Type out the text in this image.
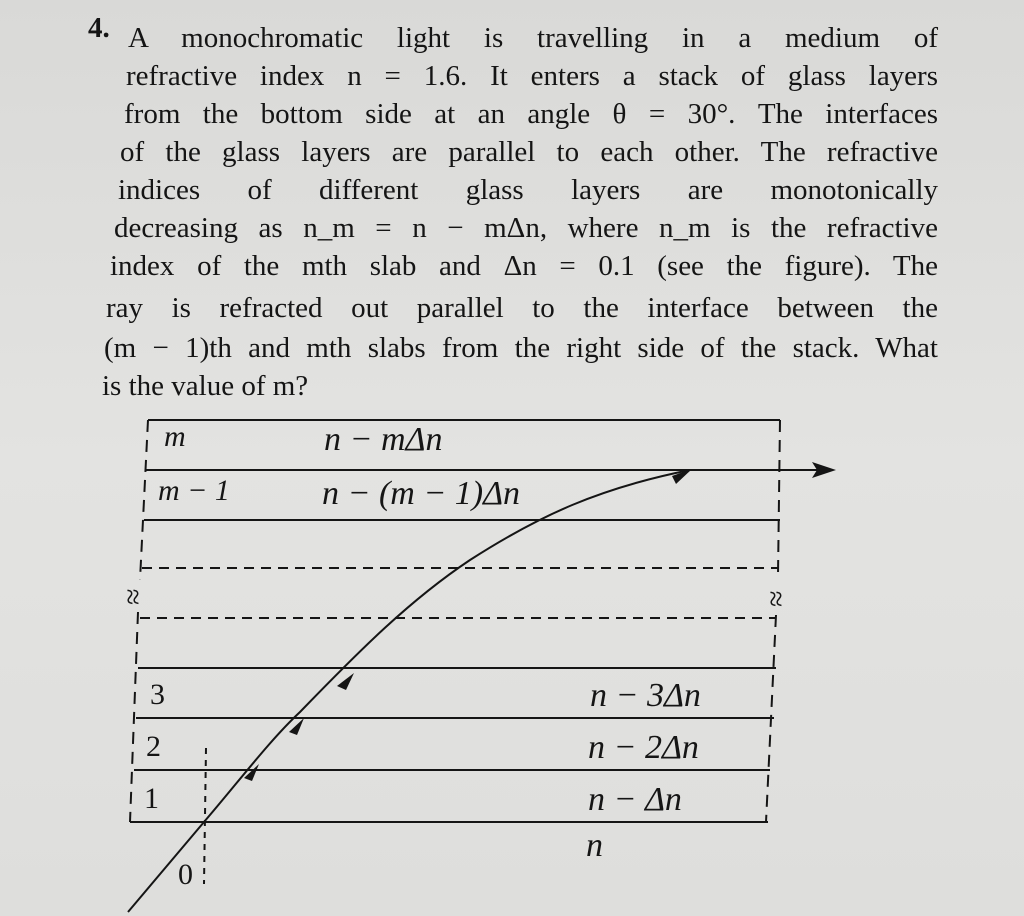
4. A monochromatic light is travelling in a medium of
refractive index n = 1.6. It enters a stack of glass layers
from the bottom side at an angle θ = 30°. The interfaces
of the glass layers are parallel to each other. The refractive
indices of different glass layers are monotonically
decreasing as n_m = n − mΔn, where n_m is the refractive
index of the mth slab and Δn = 0.1 (see the figure). The
ray is refracted out parallel to the interface between the
(m − 1)th and mth slabs from the right side of the stack. What
is the value of m?
≈	≈
m
m − 1
3
2
1
n − mΔn
n − (m − 1)Δn
n − 3Δn
n − 2Δn
n − Δn
n
0
